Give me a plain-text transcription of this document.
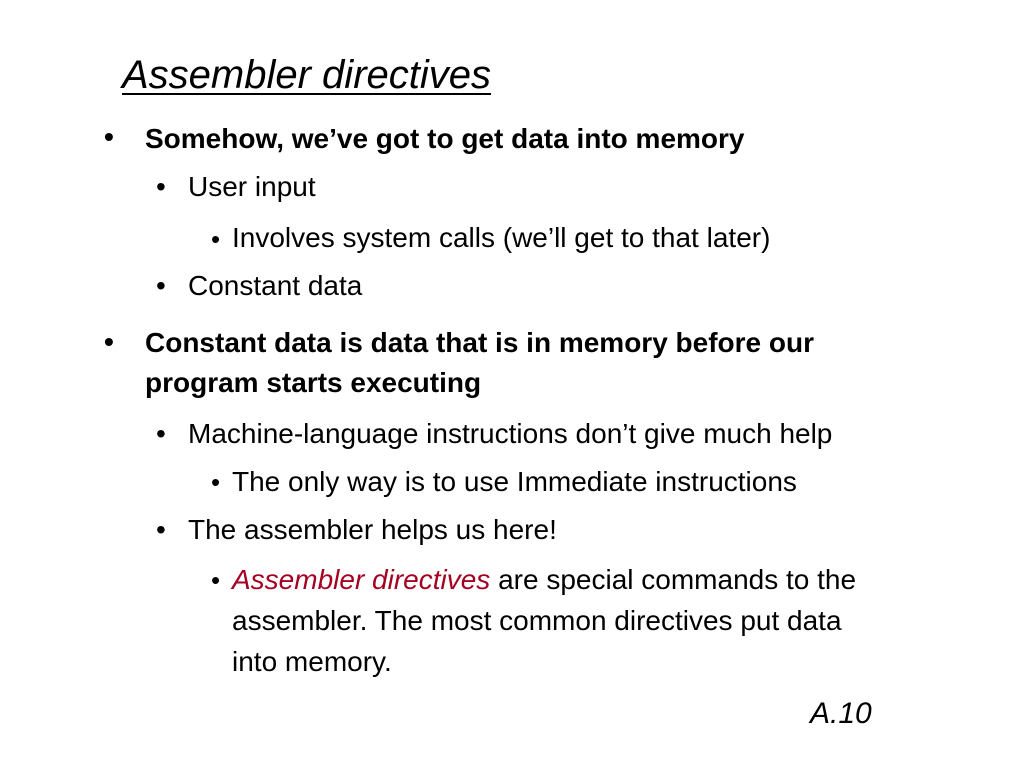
Assembler directives
• Somehow, we’ve got to get data into memory
• User input
• Involves system calls (we’ll get to that later)
• Constant data
• Constant data is data that is in memory before our
program starts executing
• Machine-language instructions don’t give much help
• The only way is to use Immediate instructions
• The assembler helps us here!
• Assembler directives are special commands to the
assembler. The most common directives put data
into memory.
A.10
